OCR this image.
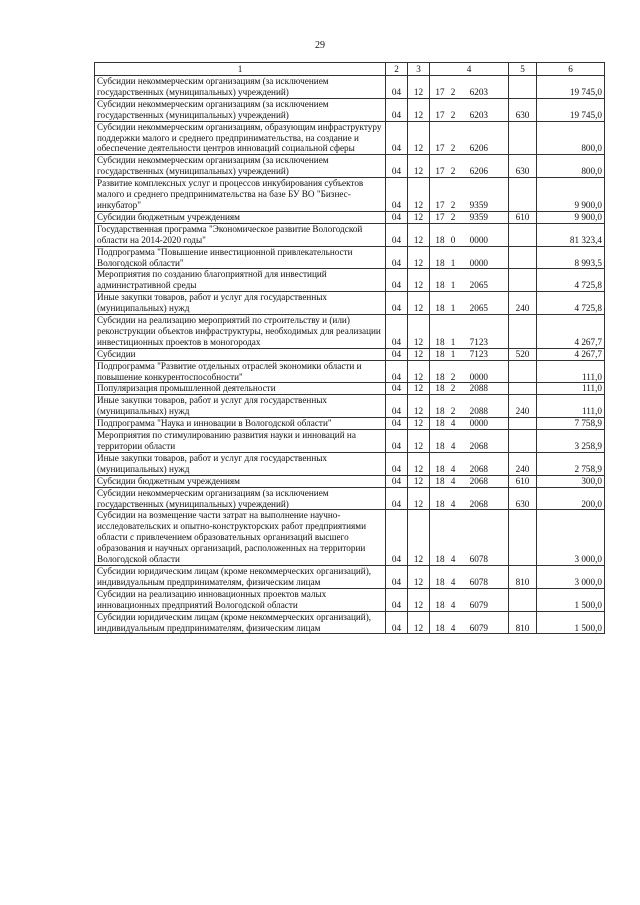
29
1	2	3	4	5	6
Субсидии некоммерческим организациям (за исключением государственных (муниципальных) учреждений)	04	12	17 2 6203		19 745,0
Субсидии некоммерческим организациям (за исключением государственных (муниципальных) учреждений)	04	12	17 2 6203	630	19 745,0
Субсидии некоммерческим организациям, образующим инфраструктуру поддержки малого и среднего предпринимательства, на создание и обеспечение деятельности центров инноваций социальной сферы	04	12	17 2 6206		800,0
Субсидии некоммерческим организациям (за исключением государственных (муниципальных) учреждений)	04	12	17 2 6206	630	800,0
Развитие комплексных услуг и процессов инкубирования субъектов малого и среднего предпринимательства на базе БУ ВО "Бизнес-инкубатор"	04	12	17 2 9359		9 900,0
Субсидии бюджетным учреждениям	04	12	17 2 9359	610	9 900,0
Государственная программа "Экономическое развитие Вологодской области на 2014-2020 годы"	04	12	18 0 0000		81 323,4
Подпрограмма "Повышение инвестиционной привлекательности Вологодской области"	04	12	18 1 0000		8 993,5
Мероприятия по созданию благоприятной для инвестиций административной среды	04	12	18 1 2065		4 725,8
Иные закупки товаров, работ и услуг для государственных (муниципальных) нужд	04	12	18 1 2065	240	4 725,8
Субсидии на реализацию мероприятий по строительству и (или) реконструкции объектов инфраструктуры, необходимых для реализации инвестиционных проектов в моногородах	04	12	18 1 7123		4 267,7
Субсидии	04	12	18 1 7123	520	4 267,7
Подпрограмма "Развитие отдельных отраслей экономики области и повышение конкурентоспособности"	04	12	18 2 0000		111,0
Популяризация промышленной деятельности	04	12	18 2 2088		111,0
Иные закупки товаров, работ и услуг для государственных (муниципальных) нужд	04	12	18 2 2088	240	111,0
Подпрограмма "Наука и инновации в Вологодской области"	04	12	18 4 0000		7 758,9
Мероприятия по стимулированию развития науки и инноваций на территории области	04	12	18 4 2068		3 258,9
Иные закупки товаров, работ и услуг для государственных (муниципальных) нужд	04	12	18 4 2068	240	2 758,9
Субсидии бюджетным учреждениям	04	12	18 4 2068	610	300,0
Субсидии некоммерческим организациям (за исключением государственных (муниципальных) учреждений)	04	12	18 4 2068	630	200,0
Субсидии на возмещение части затрат на выполнение научно-исследовательских и опытно-конструкторских работ предприятиями области с привлечением образовательных организаций высшего образования и научных организаций, расположенных на территории Вологодской области	04	12	18 4 6078		3 000,0
Субсидии юридическим лицам (кроме некоммерческих организаций), индивидуальным предпринимателям, физическим лицам	04	12	18 4 6078	810	3 000,0
Субсидии на реализацию инновационных проектов малых инновационных предприятий Вологодской области	04	12	18 4 6079		1 500,0
Субсидии юридическим лицам (кроме некоммерческих организаций), индивидуальным предпринимателям, физическим лицам	04	12	18 4 6079	810	1 500,0
